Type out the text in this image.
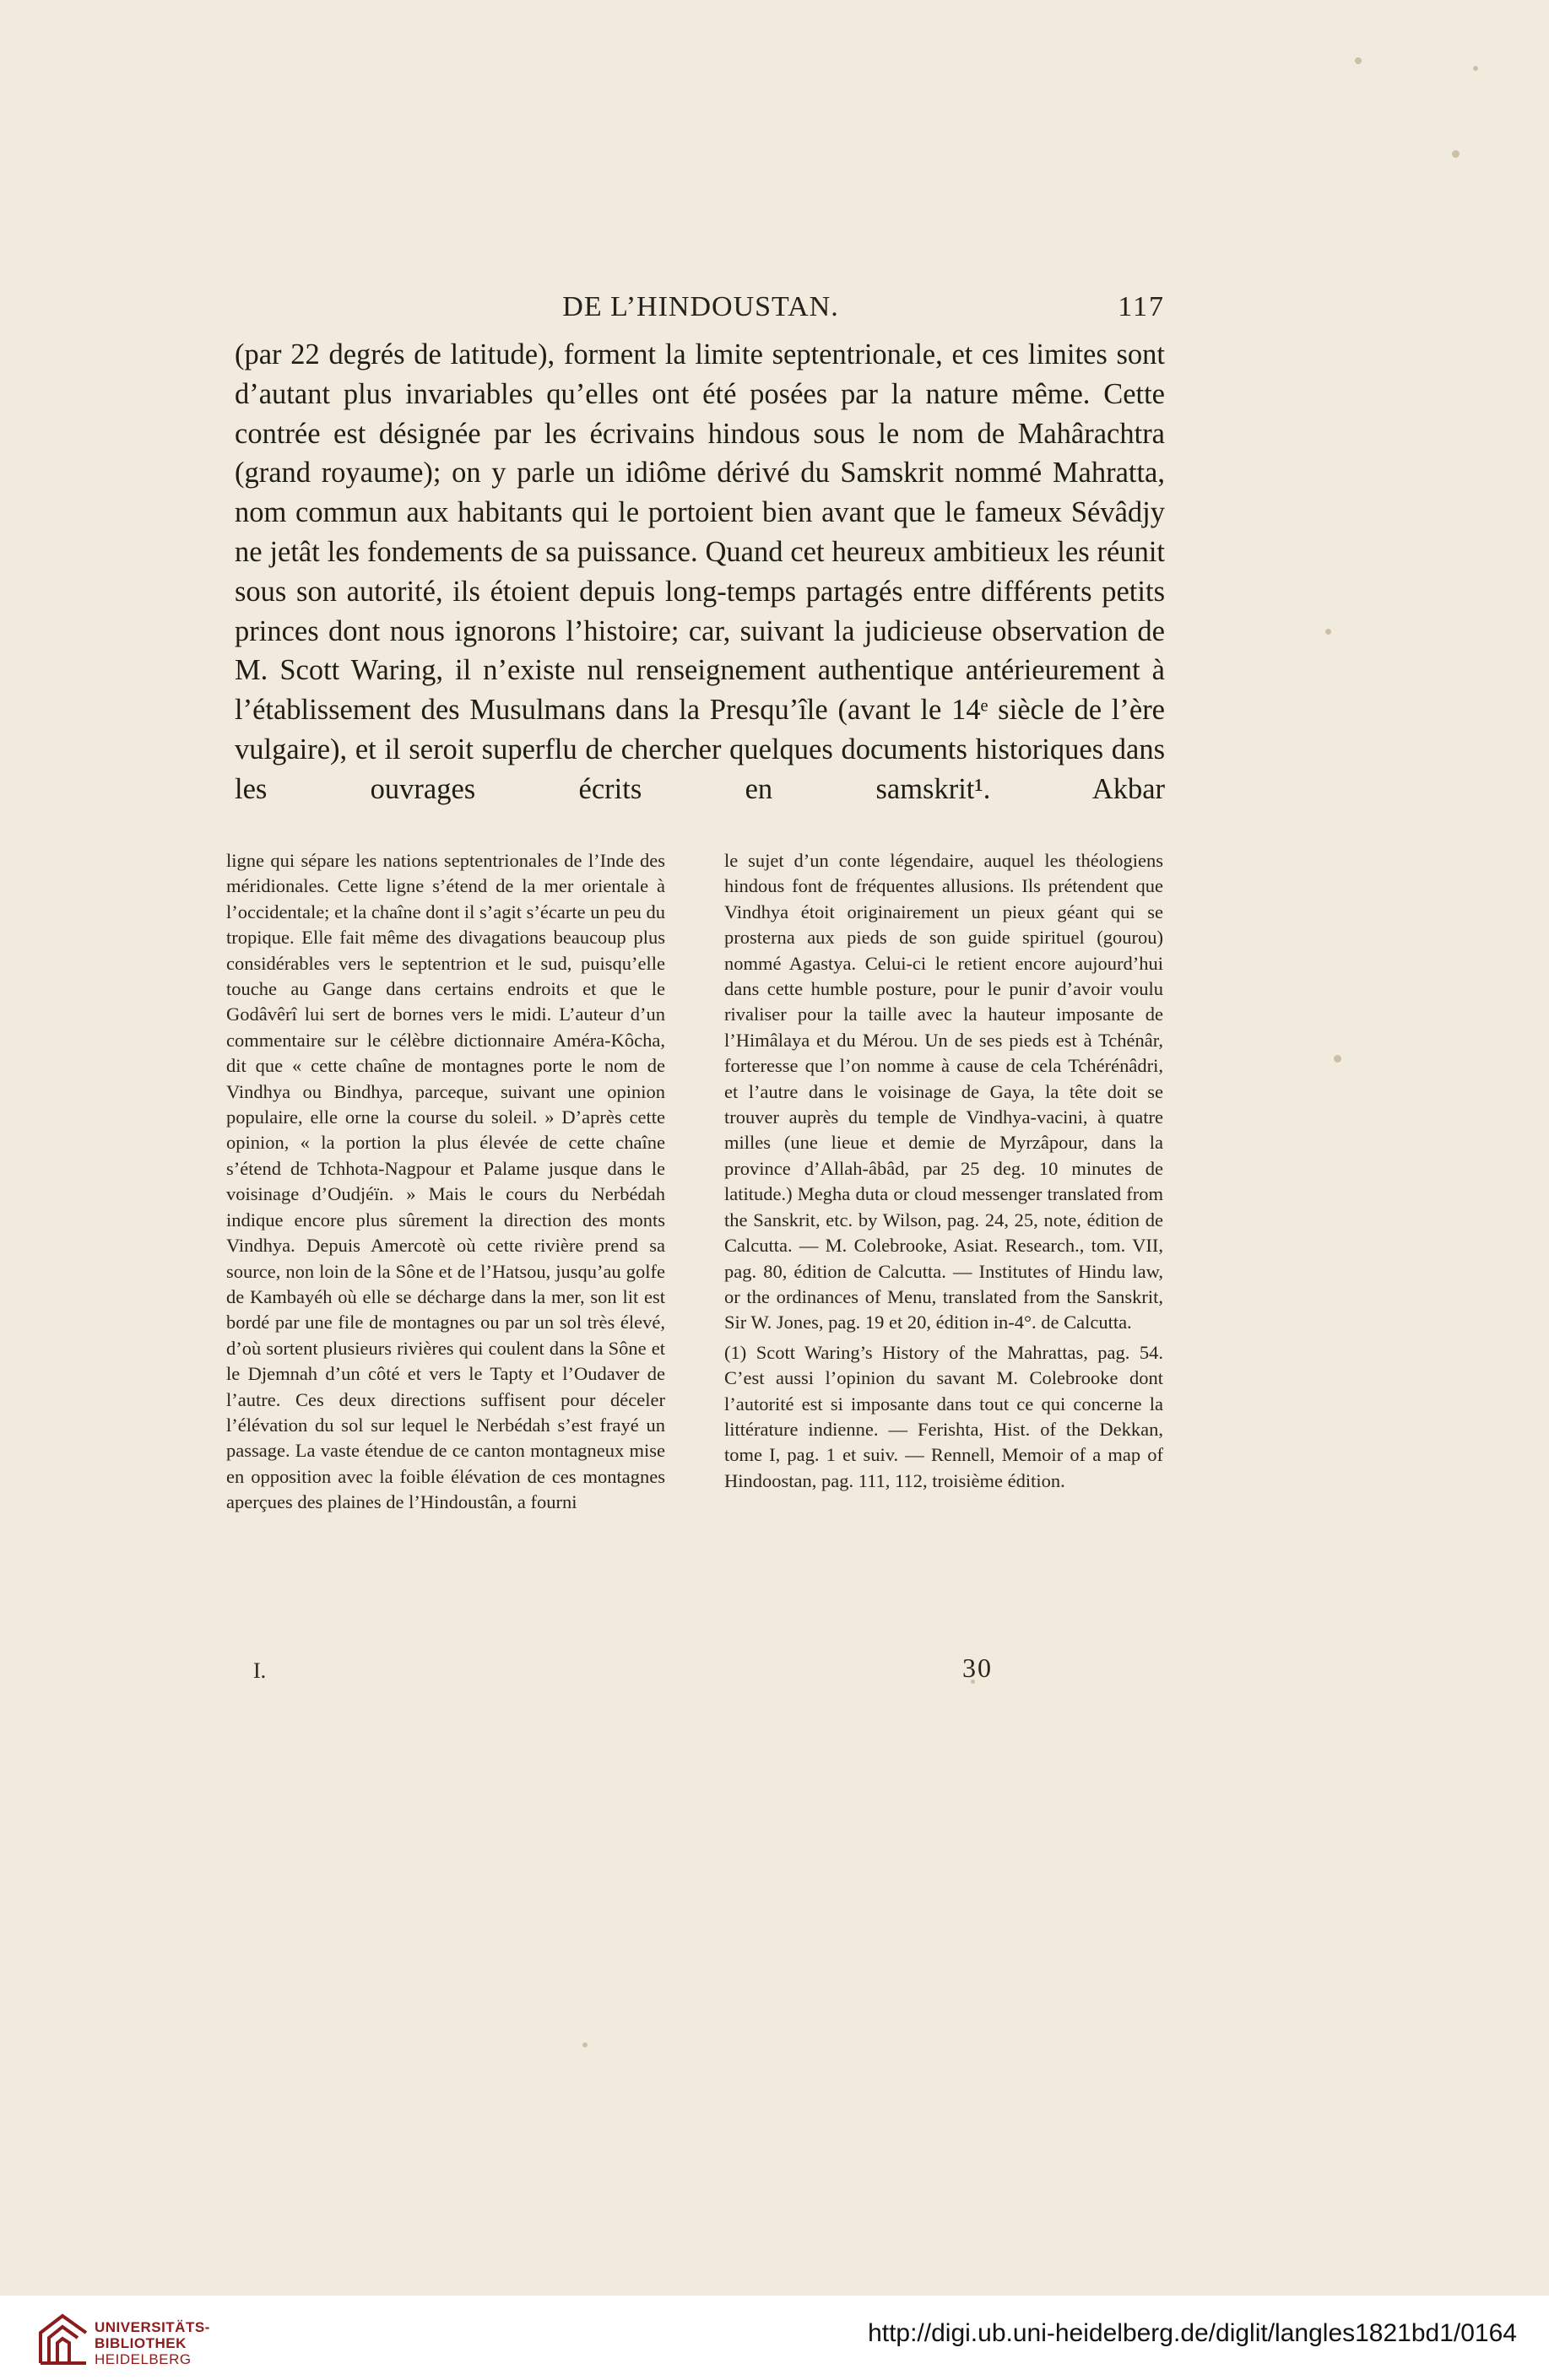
DE L’HINDOUSTAN.	117

(par 22 degrés de latitude), forment la limite septentrionale, et ces limites sont d’autant plus invariables qu’elles ont été posées par la nature même. Cette contrée est désignée par les écrivains hindous sous le nom de Mahârachtra (grand royaume); on y parle un idiôme dérivé du Samskrit nommé Mahratta, nom commun aux habitants qui le portoient bien avant que le fameux Sévâdjy ne jetât les fondements de sa puissance. Quand cet heureux ambitieux les réunit sous son autorité, ils étoient depuis long-temps partagés entre différents petits princes dont nous ignorons l’histoire; car, suivant la judicieuse observation de M. Scott Waring, il n’existe nul renseignement authentique antérieurement à l’établissement des Musulmans dans la Presqu’île (avant le 14ᵉ siècle de l’ère vulgaire), et il seroit superflu de chercher quelques documents historiques dans les ouvrages écrits en samskrit¹. Akbar

ligne qui sépare les nations septentrionales de l’Inde des méridionales. Cette ligne s’étend de la mer orientale à l’occidentale; et la chaîne dont il s’agit s’écarte un peu du tropique. Elle fait même des divagations beaucoup plus considérables vers le septentrion et le sud, puisqu’elle touche au Gange dans certains endroits et que le Godâvêrî lui sert de bornes vers le midi. L’auteur d’un commentaire sur le célèbre dictionnaire Améra-Kôcha, dit que « cette chaîne de montagnes porte le nom de Vindhya ou Bindhya, parceque, suivant une opinion populaire, elle orne la course du soleil. » D’après cette opinion, « la portion la plus élevée de cette chaîne s’étend de Tchhota-Nagpour et Palame jusque dans le voisinage d’Oudjéïn. » Mais le cours du Nerbédah indique encore plus sûrement la direction des monts Vindhya. Depuis Amercotè où cette rivière prend sa source, non loin de la Sône et de l’Hatsou, jusqu’au golfe de Kambayéh où elle se décharge dans la mer, son lit est bordé par une file de montagnes ou par un sol très élevé, d’où sortent plusieurs rivières qui coulent dans la Sône et le Djemnah d’un côté et vers le Tapty et l’Oudaver de l’autre. Ces deux directions suffisent pour déceler l’élévation du sol sur lequel le Nerbédah s’est frayé un passage. La vaste étendue de ce canton montagneux mise en opposition avec la foible élévation de ces montagnes aperçues des plaines de l’Hindoustân, a fourni

le sujet d’un conte légendaire, auquel les théologiens hindous font de fréquentes allusions. Ils prétendent que Vindhya étoit originairement un pieux géant qui se prosterna aux pieds de son guide spirituel (gourou) nommé Agastya. Celui-ci le retient encore aujourd’hui dans cette humble posture, pour le punir d’avoir voulu rivaliser pour la taille avec la hauteur imposante de l’Himâlaya et du Mérou. Un de ses pieds est à Tchénâr, forteresse que l’on nomme à cause de cela Tchérénâdri, et l’autre dans le voisinage de Gaya, la tête doit se trouver auprès du temple de Vindhya-vacini, à quatre milles (une lieue et demie de Myrzâpour, dans la province d’Allah-âbâd, par 25 deg. 10 minutes de latitude.) Megha duta or cloud messenger translated from the Sanskrit, etc. by Wilson, pag. 24, 25, note, édition de Calcutta. — M. Colebrooke, Asiat. Research., tom. VII, pag. 80, édition de Calcutta. — Institutes of Hindu law, or the ordinances of Menu, translated from the Sanskrit, Sir W. Jones, pag. 19 et 20, édition in-4°. de Calcutta.

(1) Scott Waring’s History of the Mahrattas, pag. 54. C’est aussi l’opinion du savant M. Colebrooke dont l’autorité est si imposante dans tout ce qui concerne la littérature indienne. — Ferishta, Hist. of the Dekkan, tome I, pag. 1 et suiv. — Rennell, Memoir of a map of Hindoostan, pag. 111, 112, troisième édition.

I.	30
UNIVERSITÄTS-
BIBLIOTHEK
HEIDELBERG
http://digi.ub.uni-heidelberg.de/diglit/langles1821bd1/0164
